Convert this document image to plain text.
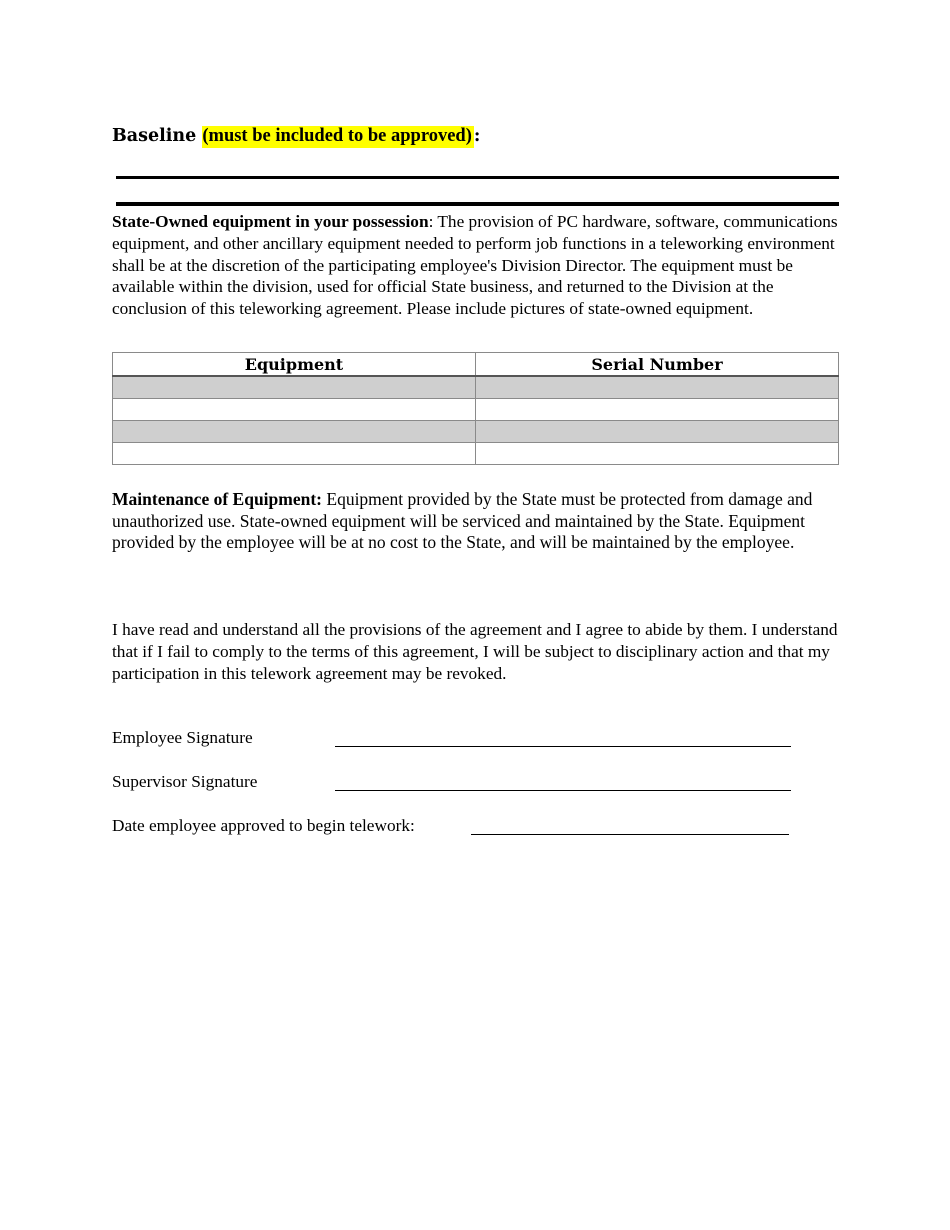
Baseline (must be included to be approved) :
State-Owned equipment in your possession: The provision of PC hardware, software, communications equipment, and other ancillary equipment needed to perform job functions in a teleworking environment shall be at the discretion of the participating employee's Division Director. The equipment must be available within the division, used for official State business, and returned to the Division at the conclusion of this teleworking agreement. Please include pictures of state-owned equipment.
Equipment	Serial Number

Maintenance of Equipment: Equipment provided by the State must be protected from damage and unauthorized use. State-owned equipment will be serviced and maintained by the State. Equipment provided by the employee will be at no cost to the State, and will be maintained by the employee.
I have read and understand all the provisions of the agreement and I agree to abide by them. I understand that if I fail to comply to the terms of this agreement, I will be subject to disciplinary action and that my participation in this telework agreement may be revoked.
Employee Signature
Supervisor Signature
Date employee approved to begin telework:
